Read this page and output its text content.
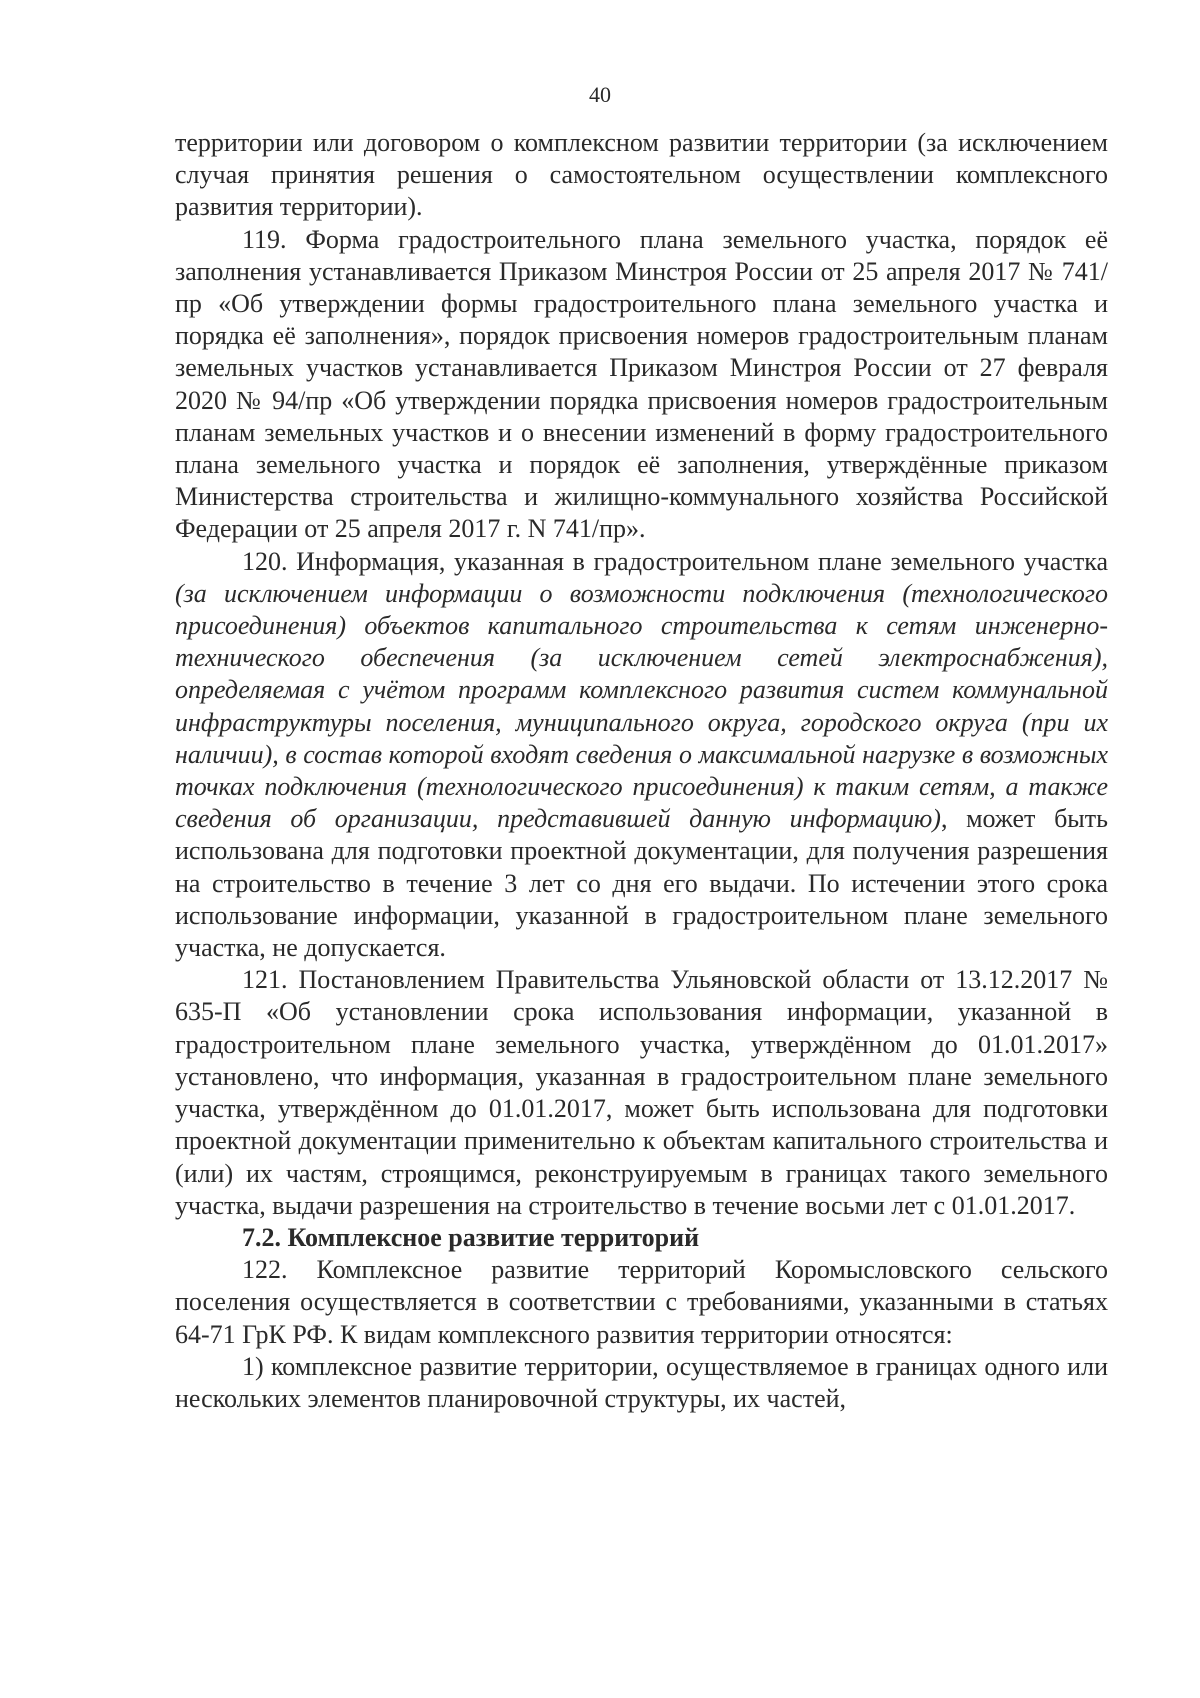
40

территории или договором о комплексном развитии территории (за исключением случая принятия решения о самостоятельном осуществлении комплексного развития территории).

119. Форма градостроительного плана земельного участка, порядок её заполнения устанавливается Приказом Минстроя России от 25 апреля 2017 № 741/пр «Об утверждении формы градостроительного плана земельного участка и порядка её заполнения», порядок присвоения номеров градостроительным планам земельных участков устанавливается Приказом Минстроя России от 27 февраля 2020 № 94/пр «Об утверждении порядка присвоения номеров градостроительным планам земельных участков и о внесении изменений в форму градостроительного плана земельного участка и порядок её заполнения, утверждённые приказом Министерства строительства и жилищно-коммунального хозяйства Российской Федерации от 25 апреля 2017 г. N 741/пр».

120. Информация, указанная в градостроительном плане земельного участка (за исключением информации о возможности подключения (технологического присоединения) объектов капитального строительства к сетям инженерно-технического обеспечения (за исключением сетей электроснабжения), определяемая с учётом программ комплексного развития систем коммунальной инфраструктуры поселения, муниципального округа, городского округа (при их наличии), в состав которой входят сведения о максимальной нагрузке в возможных точках подключения (технологического присоединения) к таким сетям, а также сведения об организации, представившей данную информацию), может быть использована для подготовки проектной документации, для получения разрешения на строительство в течение 3 лет со дня его выдачи. По истечении этого срока использование информации, указанной в градостроительном плане земельного участка, не допускается.

121. Постановлением Правительства Ульяновской области от 13.12.2017 № 635-П «Об установлении срока использования информации, указанной в градостроительном плане земельного участка, утверждённом до 01.01.2017» установлено, что информация, указанная в градостроительном плане земельного участка, утверждённом до 01.01.2017, может быть использована для подготовки проектной документации применительно к объектам капитального строительства и (или) их частям, строящимся, реконструируемым в границах такого земельного участка, выдачи разрешения на строительство в течение восьми лет с 01.01.2017.

7.2. Комплексное развитие территорий

122. Комплексное развитие территорий Коромысловского сельского поселения осуществляется в соответствии с требованиями, указанными в статьях 64-71 ГрК РФ. К видам комплексного развития территории относятся:

1) комплексное развитие территории, осуществляемое в границах одного или нескольких элементов планировочной структуры, их частей,
